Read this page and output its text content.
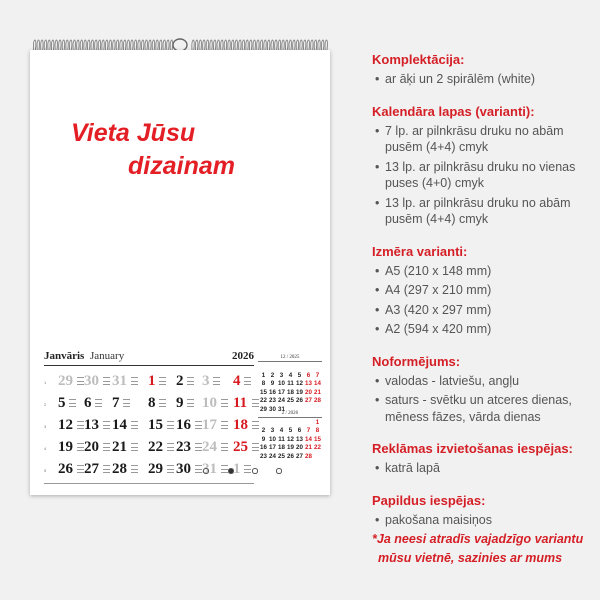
Vieta Jūsu
dizainam
Janvāris January	2026	12 / 2025
2 / 2026
1 29 30 31 1 2 3 4
2 5 6 7 8 9 10 11
3 12 13 14 15 16 17 18
4 19 20 21 22 23 24 25
5 26 27 28 29 30 31 1
1 2 3 4 5 6 7
8 9 10 11 12 13 14
15 16 17 18 19 20 21
22 23 24 25 26 27 28
29 30 31
1
2 3 4 5 6 7 8
9 10 11 12 13 14 15
16 17 18 19 20 21 22
23 24 25 26 27 28
Komplektācija:
• ar āķi un 2 spirālēm (white)
Kalendāra lapas (varianti):
• 7 lp. ar pilnkrāsu druku no abām
pusēm (4+4) cmyk
• 13 lp. ar pilnkrāsu druku no vienas
puses (4+0) cmyk
• 13 lp. ar pilnkrāsu druku no abām
pusēm (4+4) cmyk
Izmēra varianti:
• A5 (210 x 148 mm)
• A4 (297 x 210 mm)
• A3 (420 x 297 mm)
• A2 (594 x 420 mm)
Noformējums:
• valodas - latviešu, angļu
• saturs - svētku un atceres dienas,
mēness fāzes, vārda dienas
Reklāmas izvietošanas iespējas:
• katrā lapā
Papildus iespējas:
• pakošana maisiņos
*Ja neesi atradīs vajadzīgo variantu
mūsu vietnē, sazinies ar mums
